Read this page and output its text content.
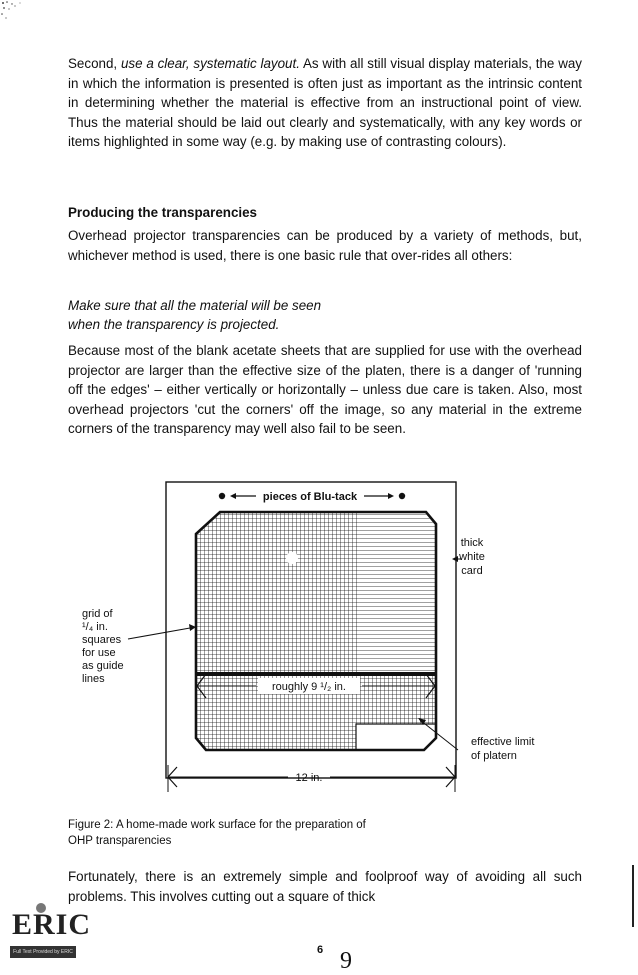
Second, use a clear, systematic layout. As with all still visual display materials, the way in which the information is presented is often just as important as the intrinsic content in determining whether the material is effective from an instructional point of view. Thus the material should be laid out clearly and systematically, with any key words or items highlighted in some way (e.g. by making use of contrasting colours).

Producing the transparencies

Overhead projector transparencies can be produced by a variety of methods, but, whichever method is used, there is one basic rule that over-rides all others:

Make sure that all the material will be seen
when the transparency is projected.

Because most of the blank acetate sheets that are supplied for use with the overhead projector are larger than the effective size of the platen, there is a danger of 'running off the edges' – either vertically or horizontally – unless due care is taken. Also, most overhead projectors 'cut the corners' off the image, so any material in the extreme corners of the transparency may well also fail to be seen.

pieces of Blu-tack
thick
white
card
grid of
¹/₄ in.
squares
for use
as guide
lines
roughly 9 ¹/₂ in.
effective limit
of platern
12 in.
Figure 2: A home-made work surface for the preparation of
OHP transparencies

Fortunately, there is an extremely simple and foolproof way of avoiding all such problems. This involves cutting out a square of thick

ERIC
Full Text Provided by ERIC	6 9
